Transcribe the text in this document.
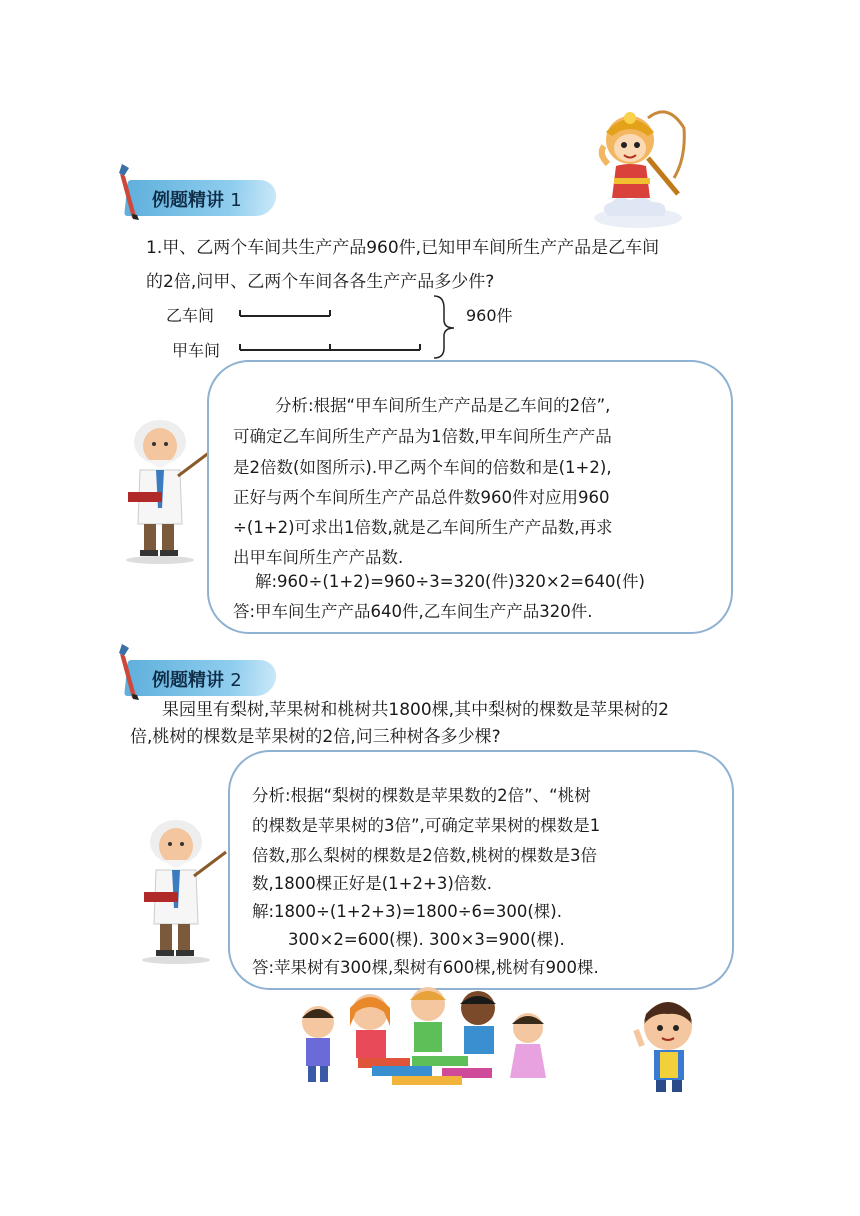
例题精讲 1
1.甲、乙两个车间共生产产品960件,已知甲车间所生产产品是乙车间
的2倍,问甲、乙两个车间各各生产产品多少件?
乙车间
甲车间
960件
分析:根据“甲车间所生产产品是乙车间的2倍”,
可确定乙车间所生产产品为1倍数,甲车间所生产产品
是2倍数(如图所示).甲乙两个车间的倍数和是(1+2),
正好与两个车间所生产产品总件数960件对应用960
÷(1+2)可求出1倍数,就是乙车间所生产产品数,再求
出甲车间所生产产品数.
解:960÷(1+2)=960÷3=320(件)320×2=640(件)
答:甲车间生产产品640件,乙车间生产产品320件.
例题精讲 2
果园里有梨树,苹果树和桃树共1800棵,其中梨树的棵数是苹果树的2
倍,桃树的棵数是苹果树的2倍,问三种树各多少棵?
分析:根据“梨树的棵数是苹果数的2倍”、“桃树
的棵数是苹果树的3倍”,可确定苹果树的棵数是1
倍数,那么梨树的棵数是2倍数,桃树的棵数是3倍
数,1800棵正好是(1+2+3)倍数.
解:1800÷(1+2+3)=1800÷6=300(棵).
300×2=600(棵). 300×3=900(棵).
答:苹果树有300棵,梨树有600棵,桃树有900棵.
